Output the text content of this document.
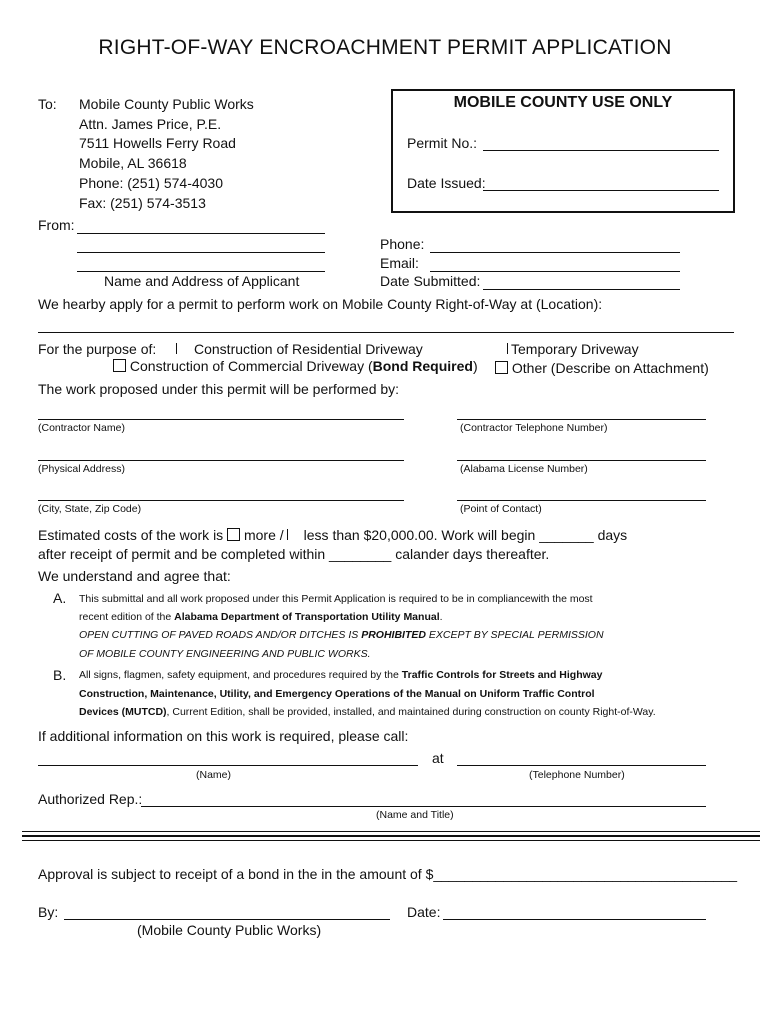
RIGHT-OF-WAY ENCROACHMENT PERMIT APPLICATION
To: Mobile County Public Works
Attn. James Price, P.E.
7511 Howells Ferry Road
Mobile, AL 36618
Phone: (251) 574-4030
Fax: (251) 574-3513
MOBILE COUNTY USE ONLY
Permit No.:
Date Issued:
From:
Name and Address of Applicant
Phone:
Email:
Date Submitted:
We hearby apply for a permit to perform work on Mobile County Right-of-Way at (Location):
For the purpose of:	Construction of Residential Driveway
Construction of Commercial Driveway (Bond Required)
Temporary Driveway
Other (Describe on Attachment)
The work proposed under this permit will be performed by:
(Contractor Name)	(Contractor Telephone Number)
(Physical Address)	(Alabama License Number)
(City, State, Zip Code)	(Point of Contact)
Estimated costs of the work is more / less than $20,000.00. Work will begin _______ days
after receipt of permit and be completed within ________ calander days thereafter.
We understand and agree that:
A. This submittal and all work proposed under this Permit Application is required to be in compliancewith the most
recent edition of the Alabama Department of Transportation Utility Manual.
OPEN CUTTING OF PAVED ROADS AND/OR DITCHES IS PROHIBITED EXCEPT BY SPECIAL PERMISSION
OF MOBILE COUNTY ENGINEERING AND PUBLIC WORKS.
B. All signs, flagmen, safety equipment, and procedures required by the Traffic Controls for Streets and Highway
Construction, Maintenance, Utility, and Emergency Operations of the Manual on Uniform Traffic Control
Devices (MUTCD), Current Edition, shall be provided, installed, and maintained during construction on county Right-of-Way.
If additional information on this work is required, please call:
at
(Name)	(Telephone Number)
Authorized Rep.:
(Name and Title)
Approval is subject to receipt of a bond in the in the amount of $_______________________________________
By:	Date:
(Mobile County Public Works)
